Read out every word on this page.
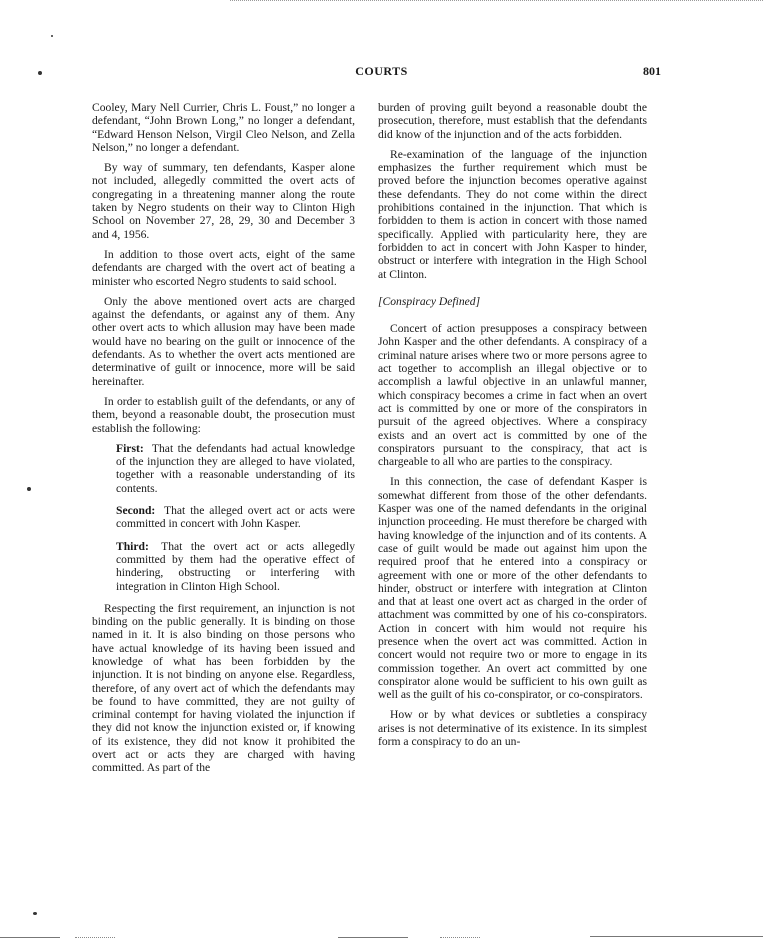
COURTS	801

Cooley, Mary Nell Currier, Chris L. Foust,” no longer a defendant, “John Brown Long,” no longer a defendant, “Edward Henson Nelson, Virgil Cleo Nelson, and Zella Nelson,” no longer a defendant.

By way of summary, ten defendants, Kasper alone not included, allegedly committed the overt acts of congregating in a threatening manner along the route taken by Negro students on their way to Clinton High School on November 27, 28, 29, 30 and December 3 and 4, 1956.

In addition to those overt acts, eight of the same defendants are charged with the overt act of beating a minister who escorted Negro students to said school.

Only the above mentioned overt acts are charged against the defendants, or against any of them. Any other overt acts to which allusion may have been made would have no bearing on the guilt or innocence of the defendants. As to whether the overt acts mentioned are determinative of guilt or innocence, more will be said hereinafter.

In order to establish guilt of the defendants, or any of them, beyond a reasonable doubt, the prosecution must establish the following:

First: That the defendants had actual knowledge of the injunction they are alleged to have violated, together with a reasonable understanding of its contents.

Second: That the alleged overt act or acts were committed in concert with John Kasper.

Third: That the overt act or acts allegedly committed by them had the operative effect of hindering, obstructing or interfering with integration in Clinton High School.

Respecting the first requirement, an injunction is not binding on the public generally. It is binding on those named in it. It is also binding on those persons who have actual knowledge of its having been issued and knowledge of what has been forbidden by the injunction. It is not binding on anyone else. Regardless, therefore, of any overt act of which the defendants may be found to have committed, they are not guilty of criminal contempt for having violated the injunction if they did not know the injunction existed or, if knowing of its existence, they did not know it prohibited the overt act or acts they are charged with having committed. As part of the

burden of proving guilt beyond a reasonable doubt the prosecution, therefore, must establish that the defendants did know of the injunction and of the acts forbidden.

Re-examination of the language of the injunction emphasizes the further requirement which must be proved before the injunction becomes operative against these defendants. They do not come within the direct prohibitions contained in the injunction. That which is forbidden to them is action in concert with those named specifically. Applied with particularity here, they are forbidden to act in concert with John Kasper to hinder, obstruct or interfere with integration in the High School at Clinton.

[Conspiracy Defined]

Concert of action presupposes a conspiracy between John Kasper and the other defendants. A conspiracy of a criminal nature arises where two or more persons agree to act together to accomplish an illegal objective or to accomplish a lawful objective in an unlawful manner, which conspiracy becomes a crime in fact when an overt act is committed by one or more of the conspirators in pursuit of the agreed objectives. Where a conspiracy exists and an overt act is committed by one of the conspirators pursuant to the conspiracy, that act is chargeable to all who are parties to the conspiracy.

In this connection, the case of defendant Kasper is somewhat different from those of the other defendants. Kasper was one of the named defendants in the original injunction proceeding. He must therefore be charged with having knowledge of the injunction and of its contents. A case of guilt would be made out against him upon the required proof that he entered into a conspiracy or agreement with one or more of the other defendants to hinder, obstruct or interfere with integration at Clinton and that at least one overt act as charged in the order of attachment was committed by one of his co-conspirators. Action in concert with him would not require his presence when the overt act was committed. Action in concert would not require two or more to engage in its commission together. An overt act committed by one conspirator alone would be sufficient to his own guilt as well as the guilt of his co-conspirator, or co-conspirators.

How or by what devices or subtleties a conspiracy arises is not determinative of its existence. In its simplest form a conspiracy to do an un-
